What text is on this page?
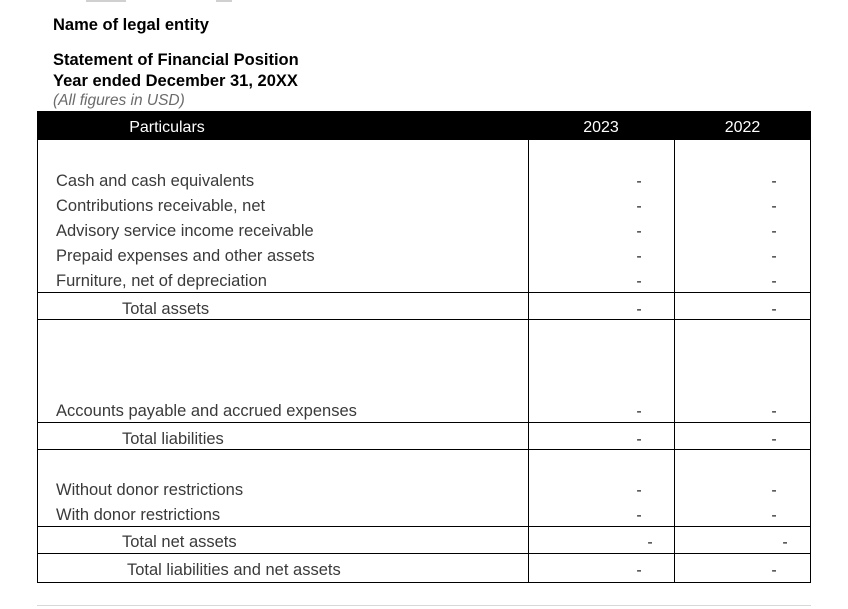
Name of legal entity
Statement of Financial Position
Year ended December 31, 20XX
(All figures in USD)
Particulars	2023	2022
Cash and cash equivalents	-	-
Contributions receivable, net	-	-
Advisory service income receivable	-	-
Prepaid expenses and other assets	-	-
Furniture, net of depreciation	-	-
Total assets	-	-
Accounts payable and accrued expenses	-	-
Total liabilities	-	-
Without donor restrictions	-	-
With donor restrictions	-	-
Total net assets	-	-
Total liabilities and net assets	-	-
